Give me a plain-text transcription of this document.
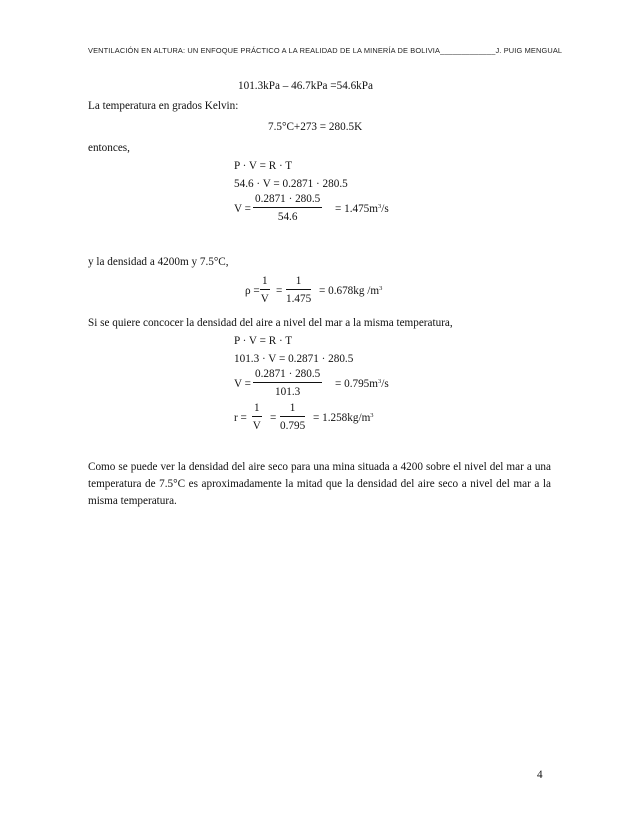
VENTILACIÓN EN ALTURA: UN ENFOQUE PRÁCTICO A LA REALIDAD DE LA MINERÍA DE BOLIVIA_____________J. PUIG MENGUAL
101.3kPa – 46.7kPa =54.6kPa
La temperatura en grados Kelvin:
7.5°C+273 = 280.5K
entonces,
P · V = R · T
54.6 · V = 0.2871 · 280.5
V =
0.2871 · 280.5
54.6
= $1.475m^3/s$
y la densidad a 4200m y 7.5°C,
ρ =
1
V
=
1
1.475
= 0.678kg $/m^3$
Si se quiere concocer la densidad del aire a nivel del mar a la misma temperatura,
P · V = R · T
101.3 · V = 0.2871 · 280.5
V =
0.2871 · 280.5
101.3
= $0.795m^3/s$
r =
1
V
=
1
0.795
= $1.258kg/m^3$
Como se puede ver la densidad del aire seco para una mina situada a 4200 sobre el nivel del mar a una temperatura de 7.5°C es aproximadamente la mitad que la densidad del aire seco a nivel del mar a la misma temperatura.
4
